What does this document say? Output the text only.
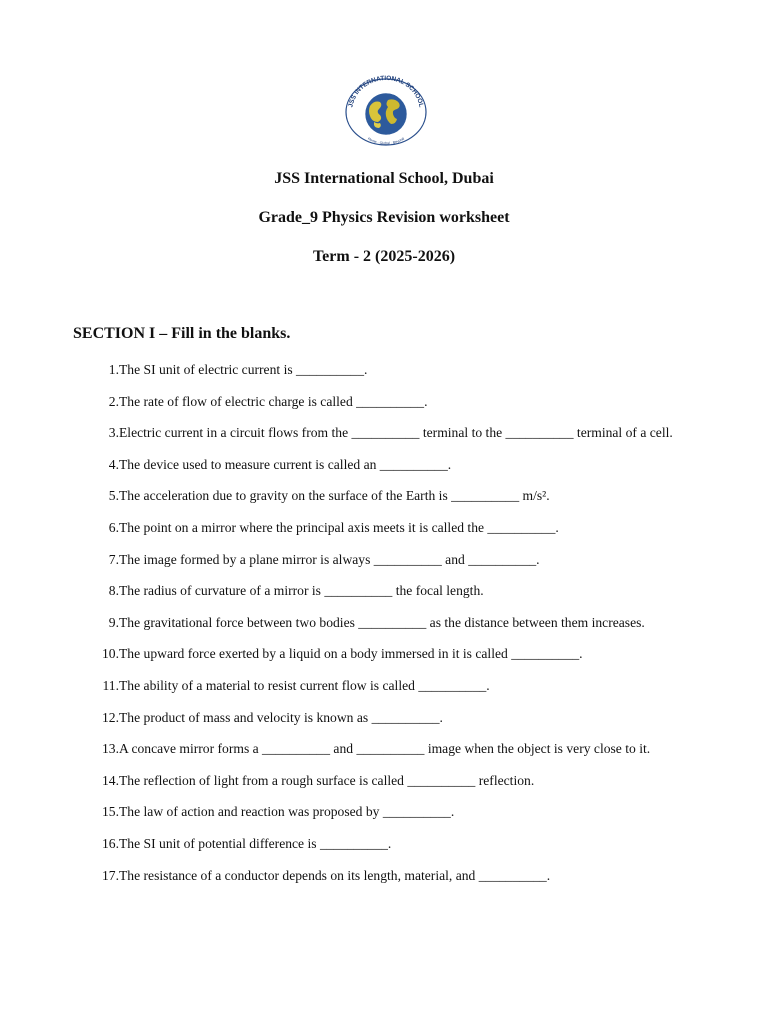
JSS INTERNATIONAL SCHOOL
Home · Global · Beyond
JSS International School, Dubai
Grade_9 Physics Revision worksheet
Term - 2 (2025-2026)
SECTION I – Fill in the blanks.
1. The SI unit of electric current is __________.
2. The rate of flow of electric charge is called __________.
3. Electric current in a circuit flows from the __________ terminal to the __________ terminal of a cell.
4. The device used to measure current is called an __________.
5. The acceleration due to gravity on the surface of the Earth is __________ m/s².
6. The point on a mirror where the principal axis meets it is called the __________.
7. The image formed by a plane mirror is always __________ and __________.
8. The radius of curvature of a mirror is __________ the focal length.
9. The gravitational force between two bodies __________ as the distance between them increases.
10. The upward force exerted by a liquid on a body immersed in it is called __________.
11. The ability of a material to resist current flow is called __________.
12. The product of mass and velocity is known as __________.
13. A concave mirror forms a __________ and __________ image when the object is very close to it.
14. The reflection of light from a rough surface is called __________ reflection.
15. The law of action and reaction was proposed by __________.
16. The SI unit of potential difference is __________.
17. The resistance of a conductor depends on its length, material, and __________.
